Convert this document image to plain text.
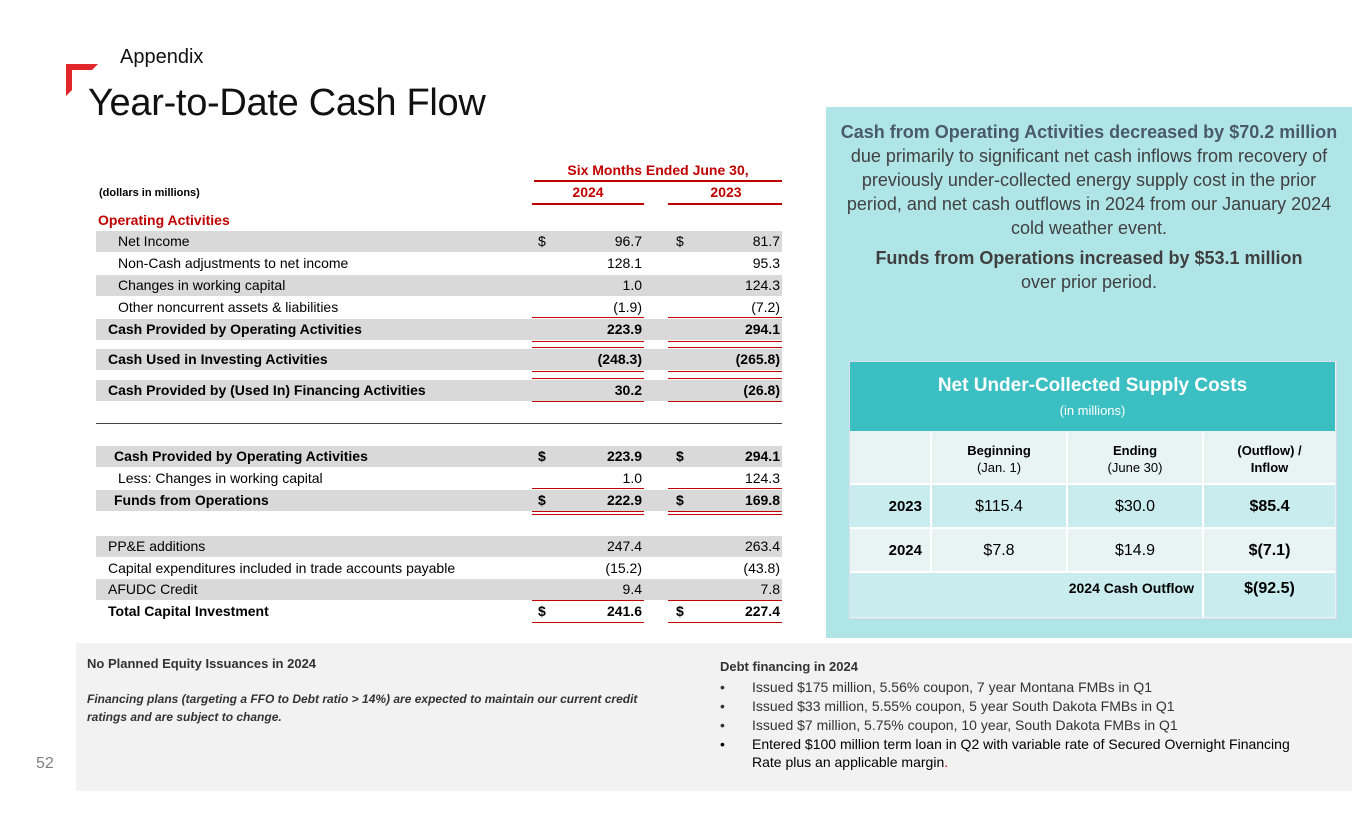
Appendix
Year-to-Date Cash Flow
52
Six Months Ended June 30,
(dollars in millions)	2024	2023
Operating Activities
Net Income	$	96.7 $	81.7
Non-Cash adjustments to net income	128.1	95.3
Changes in working capital	1.0	124.3
Other noncurrent assets & liabilities	(1.9)	(7.2)
Cash Provided by Operating Activities	223.9	294.1
Cash Used in Investing Activities	(248.3)	(265.8)
Cash Provided by (Used In) Financing Activities	30.2	(26.8)
Cash Provided by Operating Activities	$	223.9 $	294.1
Less: Changes in working capital	1.0	124.3
Funds from Operations	$	222.9 $	169.8
PP&E additions	247.4	263.4
Capital expenditures included in trade accounts payable	(15.2)	(43.8)
AFUDC Credit	9.4	7.8
Total Capital Investment	$	241.6 $	227.4
Cash from Operating Activities decreased by $70.2 million due primarily to significant net cash inflows from recovery of previously under-collected energy supply cost in the prior period, and net cash outflows in 2024 from our January 2024 cold weather event.
Funds from Operations increased by $53.1 million
over prior period.
Net Under-Collected Supply Costs
(in millions)
Beginning
(Jan. 1)
Ending
(June 30)
(Outflow) /
Inflow
2023	$115.4	$30.0	$85.4
2024	$7.8	$14.9	$(7.1)
2024 Cash Outflow	$(92.5)
No Planned Equity Issuances in 2024
Financing plans (targeting a FFO to Debt ratio > 14%) are expected to maintain our current credit ratings and are subject to change.
Debt financing in 2024
• Issued $175 million, 5.56% coupon, 7 year Montana FMBs in Q1
• Issued $33 million, 5.55% coupon, 5 year South Dakota FMBs in Q1
• Issued $7 million, 5.75% coupon, 10 year, South Dakota FMBs in Q1
• Entered $100 million term loan in Q2 with variable rate of Secured Overnight Financing Rate plus an applicable margin.
